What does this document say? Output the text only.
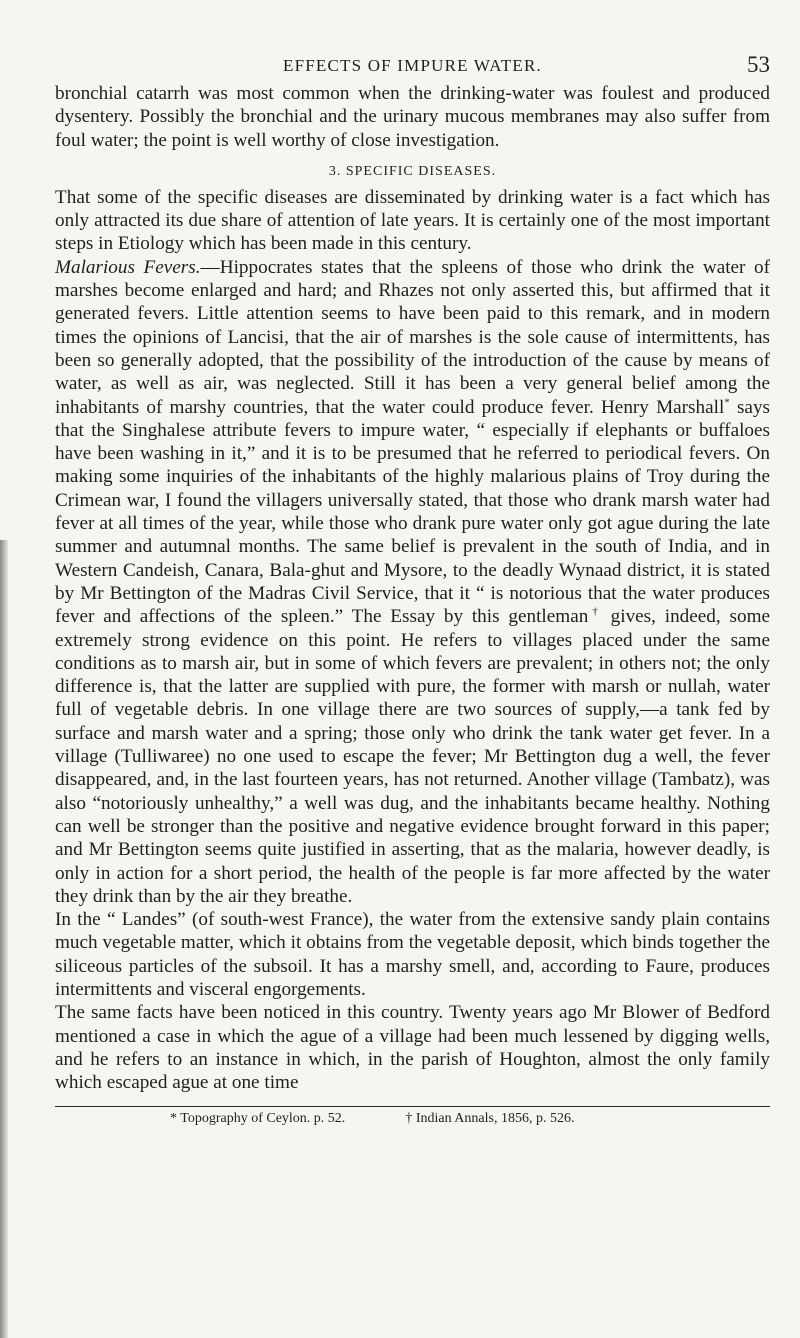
EFFECTS OF IMPURE WATER.	53

bronchial catarrh was most common when the drinking-water was foulest and produced dysentery. Possibly the bronchial and the urinary mucous membranes may also suffer from foul water; the point is well worthy of close investigation.

3. SPECIFIC DISEASES.

That some of the specific diseases are disseminated by drinking water is a fact which has only attracted its due share of attention of late years. It is certainly one of the most important steps in Etiology which has been made in this century.

Malarious Fevers.—Hippocrates states that the spleens of those who drink the water of marshes become enlarged and hard; and Rhazes not only asserted this, but affirmed that it generated fevers. Little attention seems to have been paid to this remark, and in modern times the opinions of Lancisi, that the air of marshes is the sole cause of intermittents, has been so generally adopted, that the possibility of the introduction of the cause by means of water, as well as air, was neglected. Still it has been a very general belief among the inhabitants of marshy countries, that the water could produce fever. Henry Marshall* says that the Singhalese attribute fevers to impure water, “ especially if elephants or buffaloes have been washing in it,” and it is to be presumed that he referred to periodical fevers. On making some inquiries of the inhabitants of the highly malarious plains of Troy during the Crimean war, I found the villagers universally stated, that those who drank marsh water had fever at all times of the year, while those who drank pure water only got ague during the late summer and autumnal months. The same belief is prevalent in the south of India, and in Western Candeish, Canara, Bala-ghut and Mysore, to the deadly Wynaad district, it is stated by Mr Bettington of the Madras Civil Service, that it “ is notorious that the water produces fever and affections of the spleen.” The Essay by this gentleman† gives, indeed, some extremely strong evidence on this point. He refers to villages placed under the same conditions as to marsh air, but in some of which fevers are prevalent; in others not; the only difference is, that the latter are supplied with pure, the former with marsh or nullah, water full of vegetable debris. In one village there are two sources of supply,—a tank fed by surface and marsh water and a spring; those only who drink the tank water get fever. In a village (Tulliwaree) no one used to escape the fever; Mr Bettington dug a well, the fever disappeared, and, in the last fourteen years, has not returned. Another village (Tambatz), was also “notoriously unhealthy,” a well was dug, and the inhabitants became healthy. Nothing can well be stronger than the positive and negative evidence brought forward in this paper; and Mr Bettington seems quite justified in asserting, that as the malaria, however deadly, is only in action for a short period, the health of the people is far more affected by the water they drink than by the air they breathe.

In the “ Landes” (of south-west France), the water from the extensive sandy plain contains much vegetable matter, which it obtains from the vegetable deposit, which binds together the siliceous particles of the subsoil. It has a marshy smell, and, according to Faure, produces intermittents and visceral engorgements.

The same facts have been noticed in this country. Twenty years ago Mr Blower of Bedford mentioned a case in which the ague of a village had been much lessened by digging wells, and he refers to an instance in which, in the parish of Houghton, almost the only family which escaped ague at one time

* Topography of Ceylon. p. 52.	† Indian Annals, 1856, p. 526.
